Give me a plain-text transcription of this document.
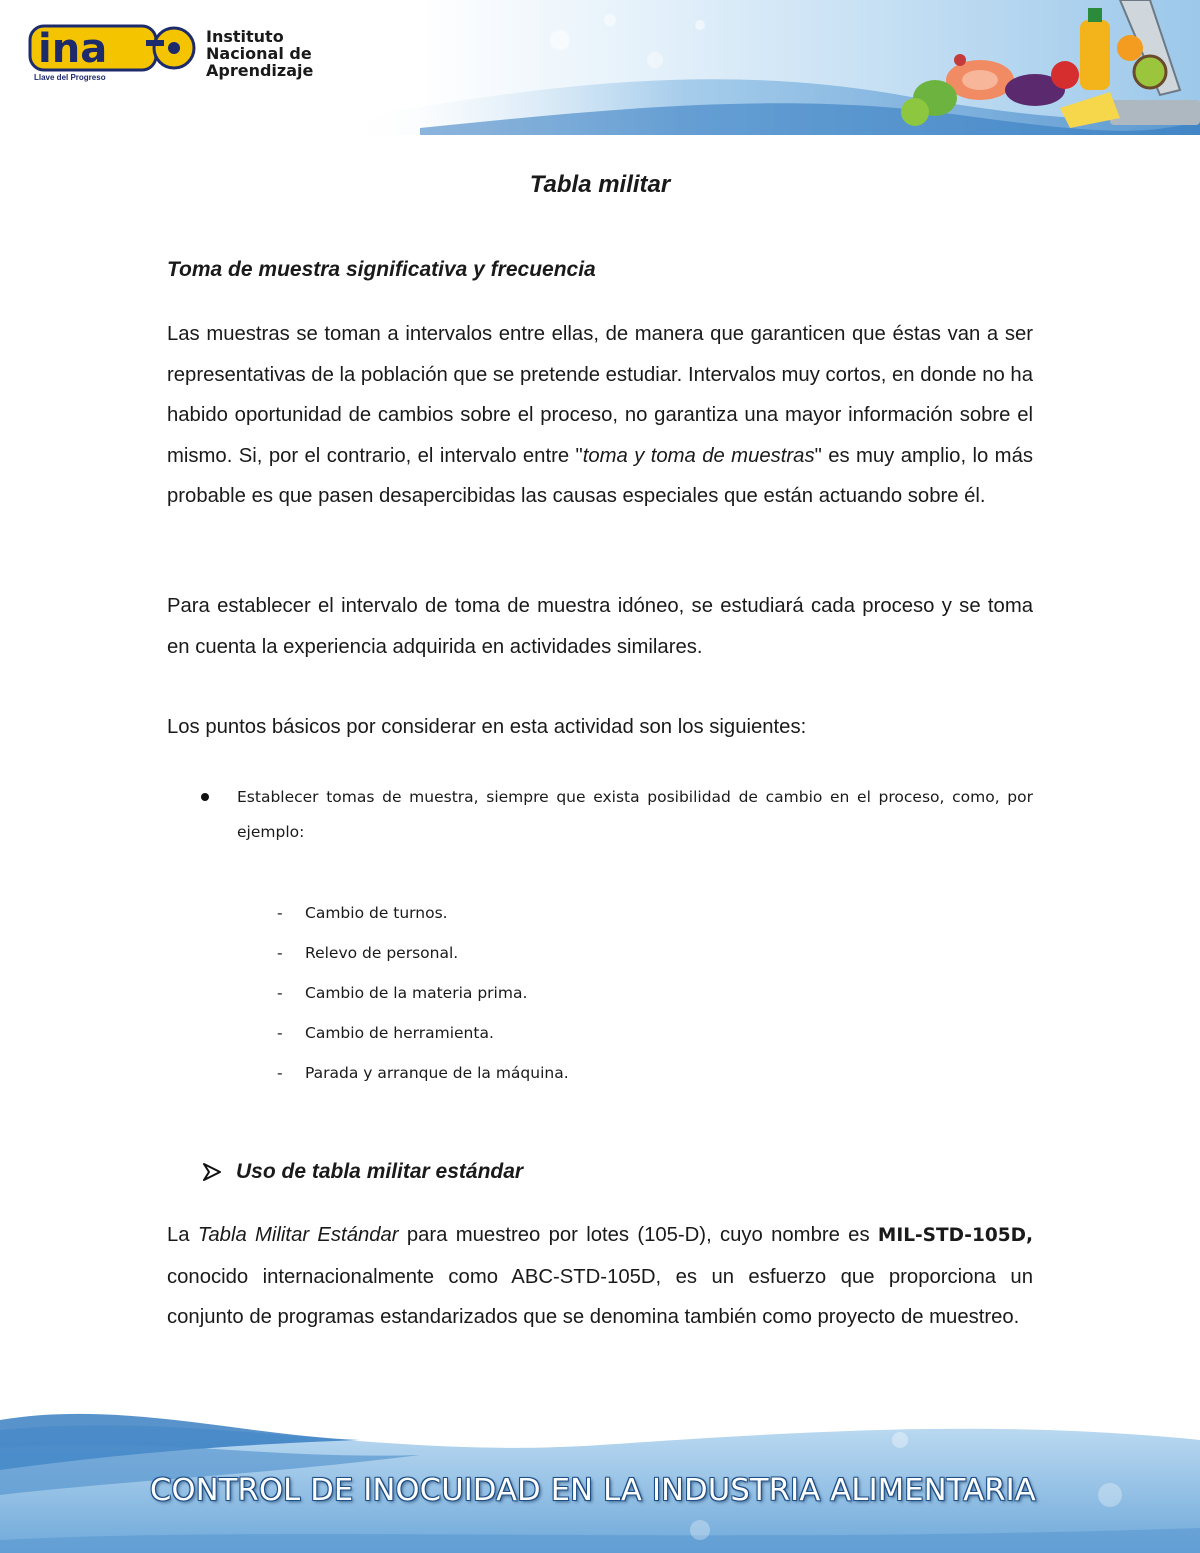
ina
Llave del Progreso
Instituto
Nacional de
Aprendizaje
Tabla militar
Toma de muestra significativa y frecuencia

Las muestras se toman a intervalos entre ellas, de manera que garanticen que éstas van a ser representativas de la población que se pretende estudiar. Intervalos muy cortos, en donde no ha habido oportunidad de cambios sobre el proceso, no garantiza una mayor información sobre el mismo. Si, por el contrario, el intervalo entre "toma y toma de muestras" es muy amplio, lo más probable es que pasen desapercibidas las causas especiales que están actuando sobre él.

Para establecer el intervalo de toma de muestra idóneo, se estudiará cada proceso y se toma en cuenta la experiencia adquirida en actividades similares.

Los puntos básicos por considerar en esta actividad son los siguientes:

Establecer tomas de muestra, siempre que exista posibilidad de cambio en el proceso, como, por ejemplo:
- Cambio de turnos.
- Relevo de personal.
- Cambio de la materia prima.
- Cambio de herramienta.
- Parada y arranque de la máquina.
Uso de tabla militar estándar

La Tabla Militar Estándar para muestreo por lotes (105-D), cuyo nombre es MIL-STD-105D, conocido internacionalmente como ABC-STD-105D, es un esfuerzo que proporciona un conjunto de programas estandarizados que se denomina también como proyecto de muestreo.

CONTROL DE INOCUIDAD EN LA INDUSTRIA ALIMENTARIA
